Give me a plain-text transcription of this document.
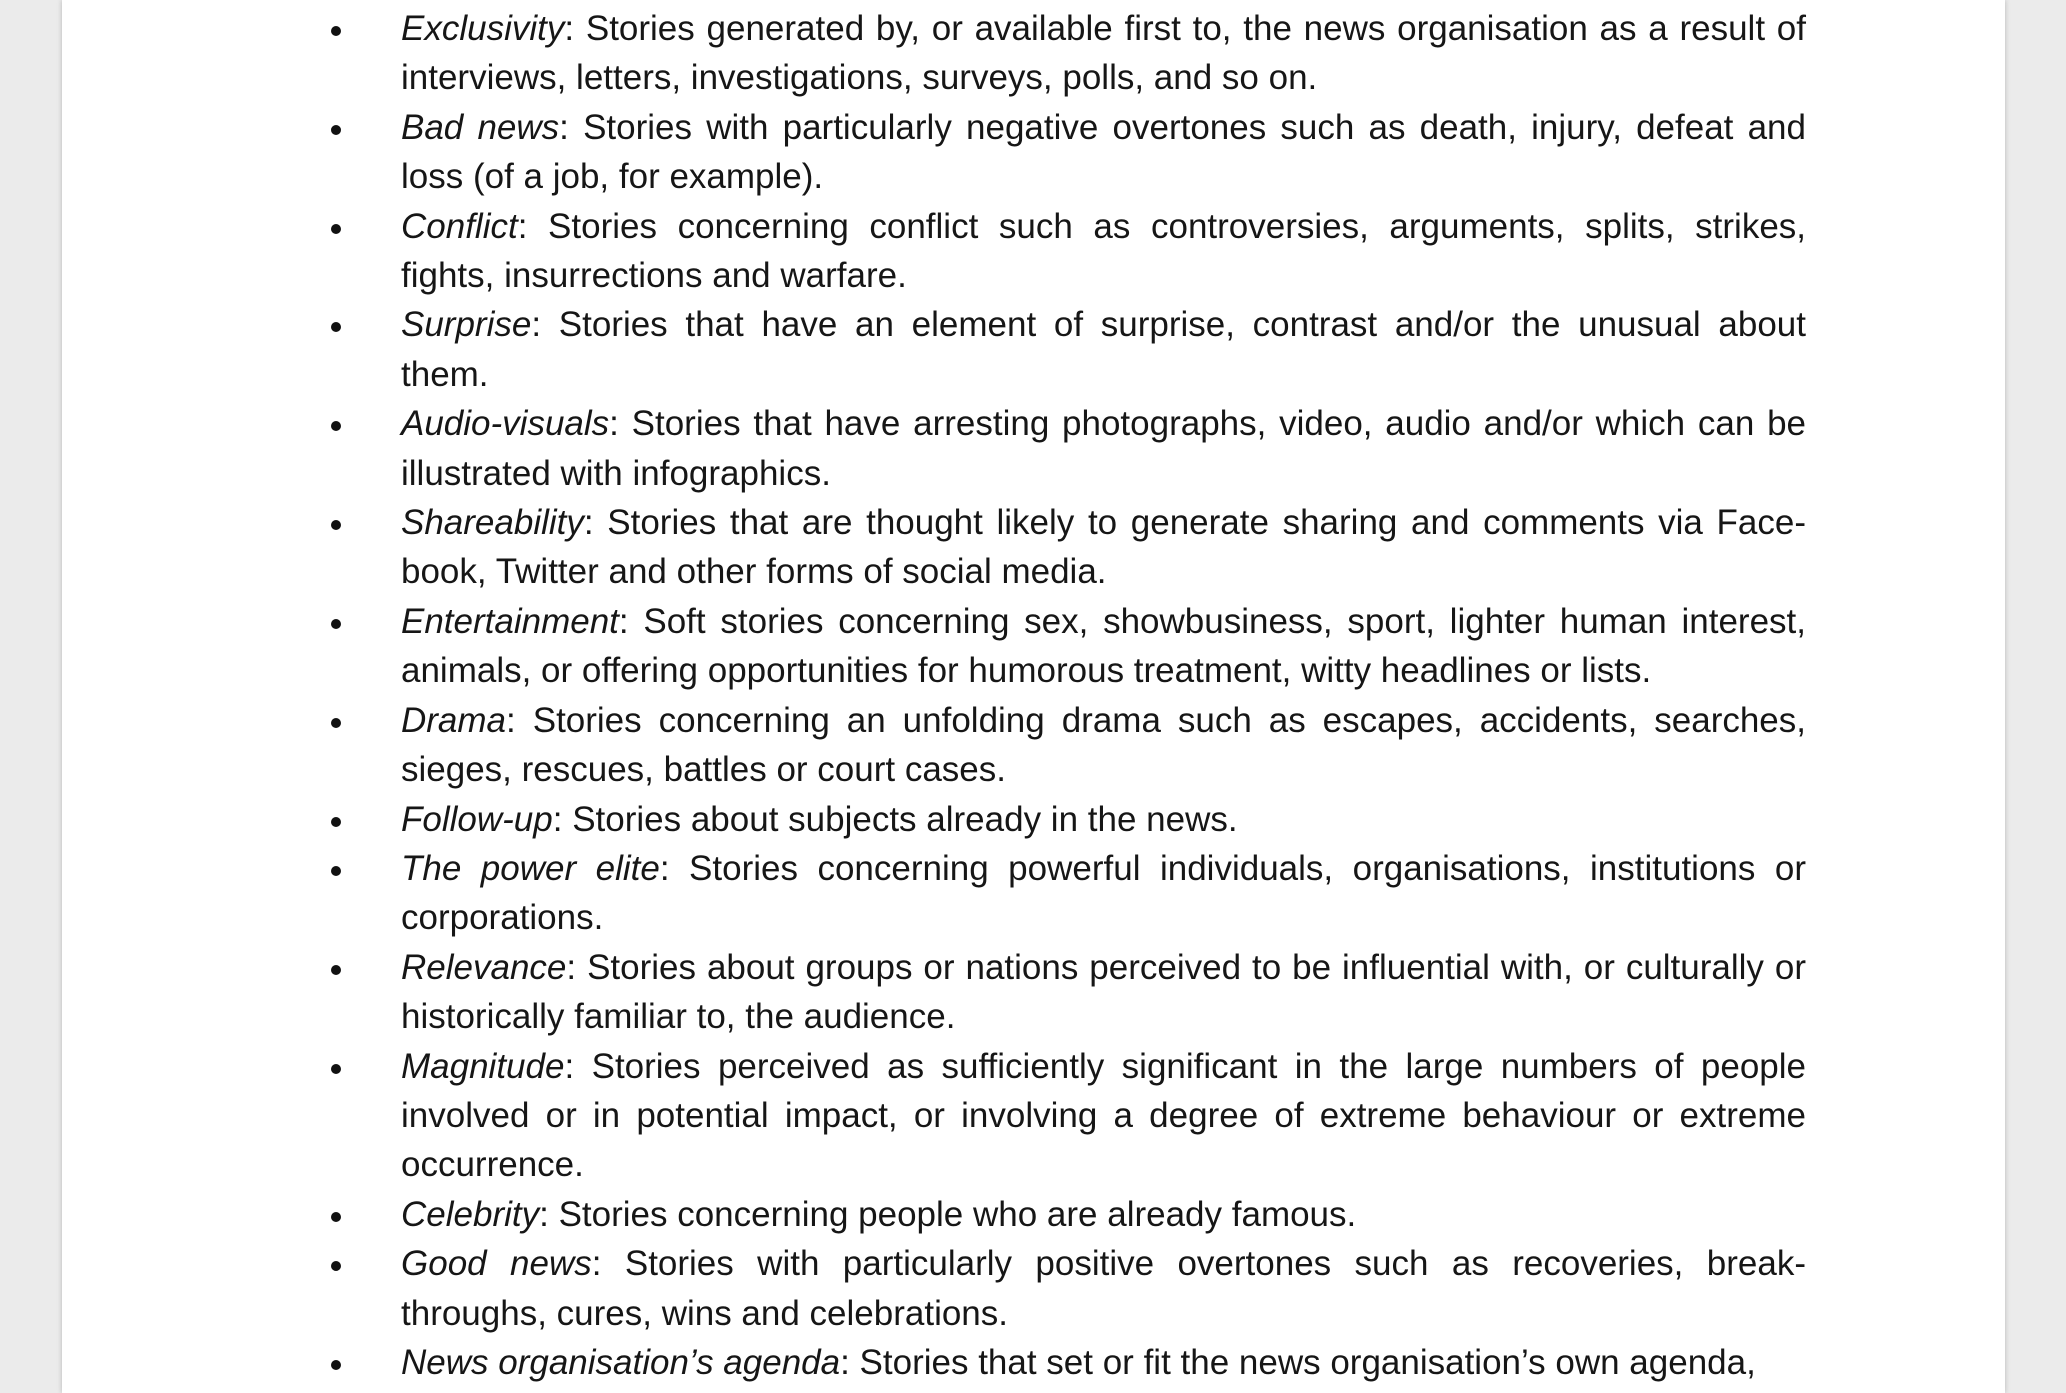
Exclusivity: Stories generated by, or available first to, the news organisation as a result of interviews, letters, investigations, surveys, polls, and so on.
Bad news: Stories with particularly negative overtones such as death, injury, defeat and loss (of a job, for example).
Conflict: Stories concerning conflict such as controversies, arguments, splits, strikes, fights, insurrections and warfare.
Surprise: Stories that have an element of surprise, contrast and/or the unusual about them.
Audio-visuals: Stories that have arresting photographs, video, audio and/or which can be illustrated with infographics.
Shareability: Stories that are thought likely to generate sharing and comments via Face-book, Twitter and other forms of social media.
Entertainment: Soft stories concerning sex, showbusiness, sport, lighter human interest, animals, or offering opportunities for humorous treatment, witty headlines or lists.
Drama: Stories concerning an unfolding drama such as escapes, accidents, searches, sieges, rescues, battles or court cases.
Follow-up: Stories about subjects already in the news.
The power elite: Stories concerning powerful individuals, organisations, institutions or corporations.
Relevance: Stories about groups or nations perceived to be influential with, or culturally or historically familiar to, the audience.
Magnitude: Stories perceived as sufficiently significant in the large numbers of people involved or in potential impact, or involving a degree of extreme behaviour or extreme occurrence.
Celebrity: Stories concerning people who are already famous.
Good news: Stories with particularly positive overtones such as recoveries, break-throughs, cures, wins and celebrations.
News organisation’s agenda: Stories that set or fit the news organisation’s own agenda,
